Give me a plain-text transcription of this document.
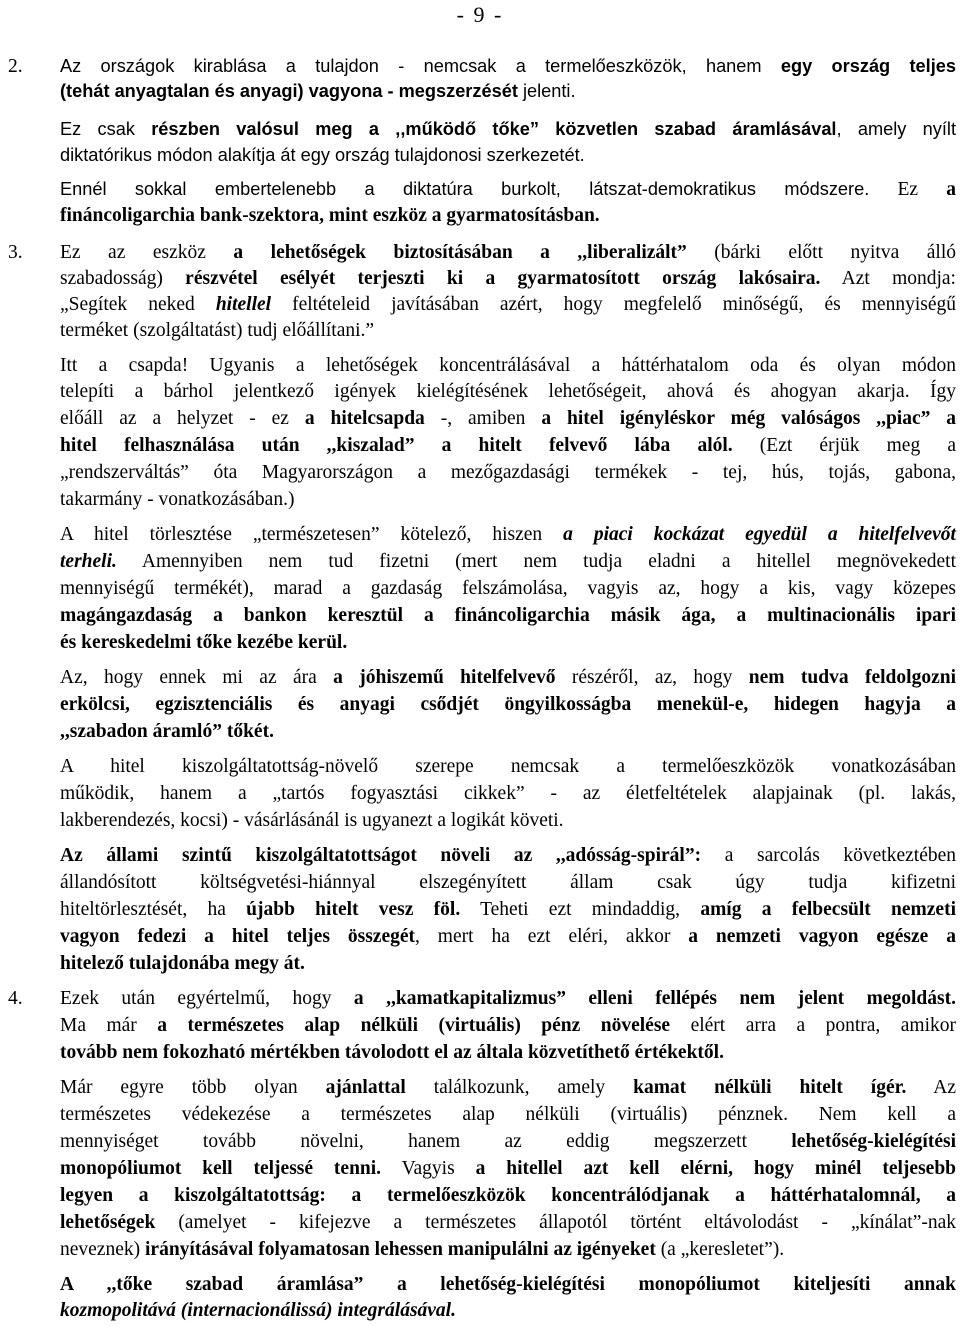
- 9 -
2.	Az országok kirablása a tulajdon - nemcsak a termelőeszközök, hanem egy ország teljes
(tehát anyagtalan és anyagi) vagyona - megszerzését jelenti.
Ez csak részben valósul meg a ,,működő tőke” közvetlen szabad áramlásával, amely nyílt
diktatórikus módon alakítja át egy ország tulajdonosi szerkezetét.
Ennél sokkal embertelenebb a diktatúra burkolt, látszat-demokratikus módszere. Ez a
fináncoligarchia bank-szektora, mint eszköz a gyarmatosításban.
3.	Ez az eszköz a lehetőségek biztosításában a ,,liberalizált” (bárki előtt nyitva álló
szabadosság) részvétel esélyét terjeszti ki a gyarmatosított ország lakósaira. Azt mondja:
„Segítek neked hitellel feltételeid javításában azért, hogy megfelelő minőségű, és mennyiségű
terméket (szolgáltatást) tudj előállítani.”
Itt a csapda! Ugyanis a lehetőségek koncentrálásával a háttérhatalom oda és olyan módon
telepíti a bárhol jelentkező igények kielégítésének lehetőségeit, ahová és ahogyan akarja. Így
előáll az a helyzet - ez a hitelcsapda -, amiben a hitel igényléskor még valóságos ,,piac” a
hitel felhasználása után ,,kiszalad” a hitelt felvevő lába alól. (Ezt érjük meg a
„rendszerváltás” óta Magyarországon a mezőgazdasági termékek - tej, hús, tojás, gabona,
takarmány - vonatkozásában.)
A hitel törlesztése „természetesen” kötelező, hiszen a piaci kockázat egyedül a hitelfelvevőt
terheli. Amennyiben nem tud fizetni (mert nem tudja eladni a hitellel megnövekedett
mennyiségű termékét), marad a gazdaság felszámolása, vagyis az, hogy a kis, vagy közepes
magángazdaság a bankon keresztül a fináncoligarchia másik ága, a multinacionális ipari
és kereskedelmi tőke kezébe kerül.
Az, hogy ennek mi az ára a jóhiszemű hitelfelvevő részéről, az, hogy nem tudva feldolgozni
erkölcsi, egzisztenciális és anyagi csődjét öngyilkosságba menekül-e, hidegen hagyja a
,,szabadon áramló” tőkét.
A hitel kiszolgáltatottság-növelő szerepe nemcsak a termelőeszközök vonatkozásában
működik, hanem a „tartós fogyasztási cikkek” - az életfeltételek alapjainak (pl. lakás,
lakberendezés, kocsi) - vásárlásánál is ugyanezt a logikát követi.
Az állami szintű kiszolgáltatottságot növeli az ,,adósság-spirál”: a sarcolás következtében
állandósított költségvetési-hiánnyal elszegényített állam csak úgy tudja kifizetni
hiteltörlesztését, ha újabb hitelt vesz föl. Teheti ezt mindaddig, amíg a felbecsült nemzeti
vagyon fedezi a hitel teljes összegét, mert ha ezt eléri, akkor a nemzeti vagyon egésze a
hitelező tulajdonába megy át.
4.	Ezek után egyértelmű, hogy a ,,kamatkapitalizmus” elleni fellépés nem jelent megoldást.
Ma már a természetes alap nélküli (virtuális) pénz növelése elért arra a pontra, amikor
tovább nem fokozható mértékben távolodott el az általa közvetíthető értékektől.
Már egyre több olyan ajánlattal találkozunk, amely kamat nélküli hitelt ígér. Az
természetes védekezése a természetes alap nélküli (virtuális) pénznek. Nem kell a
mennyiséget tovább növelni, hanem az eddig megszerzett lehetőség-kielégítési
monopóliumot kell teljessé tenni. Vagyis a hitellel azt kell elérni, hogy minél teljesebb
legyen a kiszolgáltatottság: a termelőeszközök koncentrálódjanak a háttérhatalomnál, a
lehetőségek (amelyet - kifejezve a természetes állapotól történt eltávolodást - „kínálat”-nak
neveznek) irányításával folyamatosan lehessen manipulálni az igényeket (a „keresletet”).
A ,,tőke szabad áramlása” a lehetőség-kielégítési monopóliumot kiteljesíti annak
kozmopolitává (internacionálissá) integrálásával.
